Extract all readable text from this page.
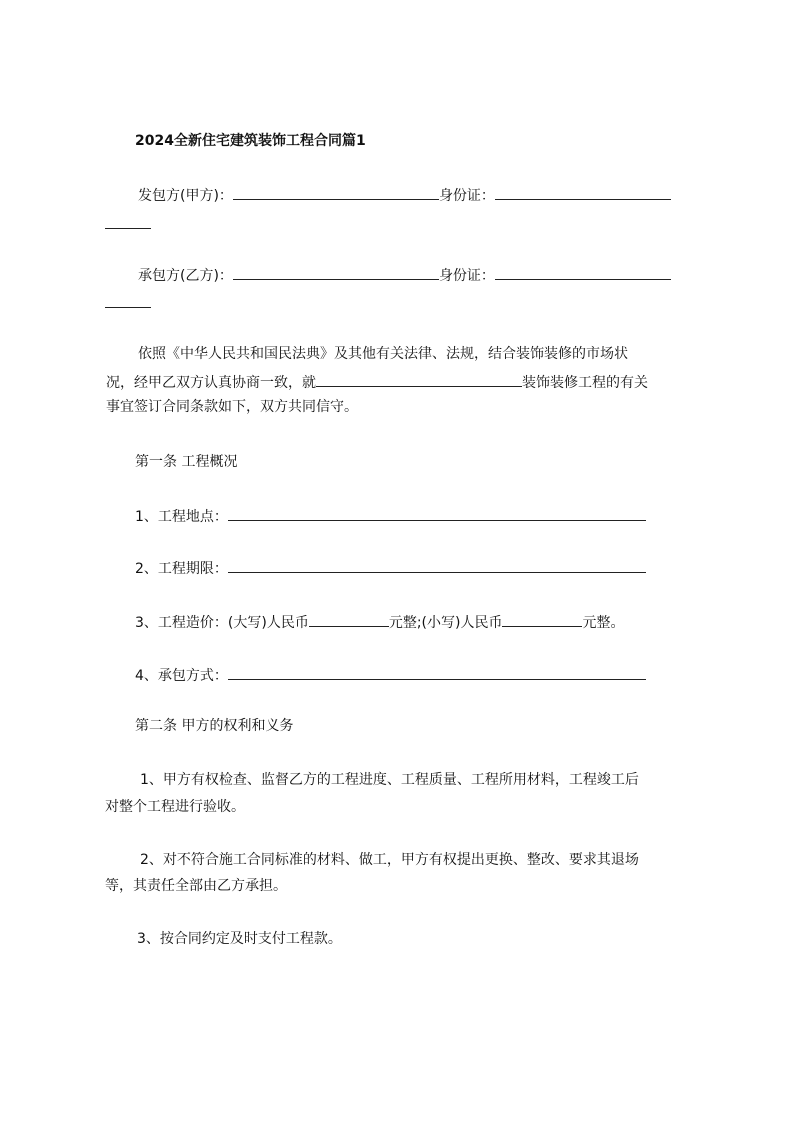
2024全新住宅建筑装饰工程合同篇1
发包方(甲方)：	身份证：
承包方(乙方)：	身份证：
依照《中华人民共和国民法典》及其他有关法律、法规，结合装饰装修的市场状
况，经甲乙双方认真协商一致，就	装饰装修工程的有关
事宜签订合同条款如下，双方共同信守。
第一条 工程概况
1、工程地点：
2、工程期限：
3、工程造价：(大写)人民币	元整;(小写)人民币	元整。
4、承包方式：
第二条 甲方的权利和义务
1、甲方有权检查、监督乙方的工程进度、工程质量、工程所用材料，工程竣工后
对整个工程进行验收。
2、对不符合施工合同标准的材料、做工，甲方有权提出更换、整改、要求其退场
等，其责任全部由乙方承担。
3、按合同约定及时支付工程款。
